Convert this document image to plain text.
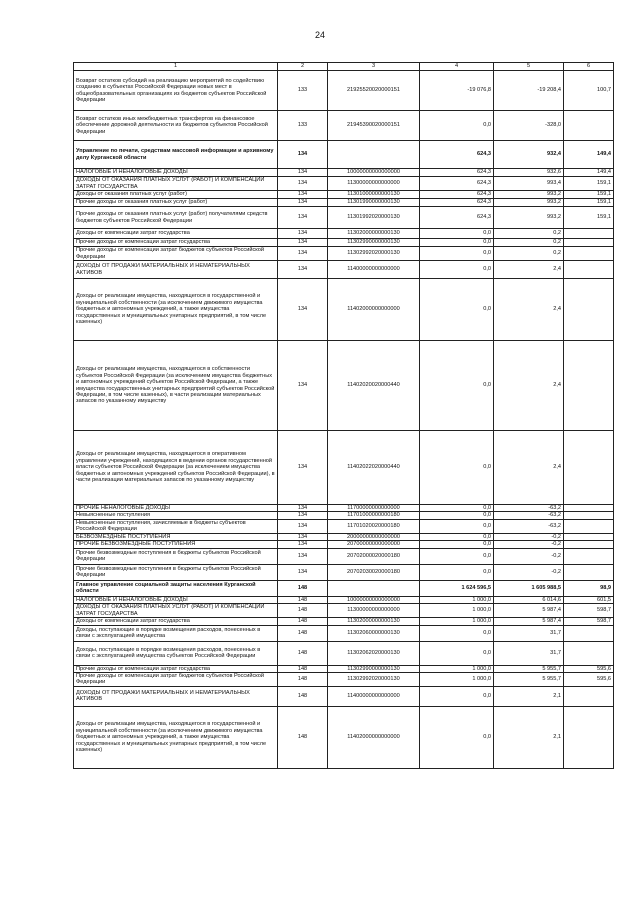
24
1	2	3	4	5	6
Возврат остатков субсидий на реализацию мероприятий по содействию созданию в субъектах Российской Федерации новых мест в общеобразовательных организациях из бюджетов субъектов Российской Федерации	133	21925520020000151	-19 076,8	-19 208,4	100,7
Возврат остатков иных межбюджетных трансфертов на финансовое обеспечение дорожной деятельности из бюджетов субъектов Российской Федерации	133	21945390020000151	0,0	-328,0	
Управление по печати, средствам массовой информации и архивному делу Курганской области	134		624,3	932,4	149,4
НАЛОГОВЫЕ И НЕНАЛОГОВЫЕ ДОХОДЫ	134	10000000000000000	624,3	932,6	149,4
ДОХОДЫ ОТ ОКАЗАНИЯ ПЛАТНЫХ УСЛУГ (РАБОТ) И КОМПЕНСАЦИИ ЗАТРАТ ГОСУДАРСТВА	134	11300000000000000	624,3	993,4	159,1
Доходы от оказания платных услуг (работ)	134	11301000000000130	624,3	993,2	159,1
Прочие доходы от оказания платных услуг (работ)	134	11301990000000130	624,3	993,2	159,1
Прочие доходы от оказания платных услуг (работ) получателями средств бюджетов субъектов Российской Федерации	134	11301992020000130	624,3	993,2	159,1
Доходы от компенсации затрат государства	134	11302000000000130	0,0	0,2	
Прочие доходы от компенсации затрат государства	134	11302990000000130	0,0	0,2	
Прочие доходы от компенсации затрат бюджетов субъектов Российской Федерации	134	11302992020000130	0,0	0,2	
ДОХОДЫ ОТ ПРОДАЖИ МАТЕРИАЛЬНЫХ И НЕМАТЕРИАЛЬНЫХ АКТИВОВ	134	11400000000000000	0,0	2,4	
Доходы от реализации имущества, находящегося в государственной и муниципальной собственности (за исключением движимого имущества бюджетных и автономных учреждений, а также имущества государственных и муниципальных унитарных предприятий, в том числе казенных)	134	11402000000000000	0,0	2,4	
Доходы от реализации имущества, находящегося в собственности субъектов Российской Федерации (за исключением имущества бюджетных и автономных учреждений субъектов Российской Федерации, а также имущества государственных унитарных предприятий субъектов Российской Федерации, в том числе казенных), в части реализации материальных запасов по указанному имуществу	134	11402020020000440	0,0	2,4	
Доходы от реализации имущества, находящегося в оперативном управлении учреждений, находящихся в ведении органов государственной власти субъектов Российской Федерации (за исключением имущества бюджетных и автономных учреждений субъектов Российской Федерации), в части реализации материальных запасов по указанному имуществу	134	11402022020000440	0,0	2,4	
ПРОЧИЕ НЕНАЛОГОВЫЕ ДОХОДЫ	134	11700000000000000	0,0	-63,2	
Невыясненные поступления	134	11701000000000180	0,0	-63,2	
Невыясненные поступления, зачисляемые в бюджеты субъектов Российской Федерации	134	11701020020000180	0,0	-63,2	
БЕЗВОЗМЕЗДНЫЕ ПОСТУПЛЕНИЯ	134	20000000000000000	0,0	-0,2	
ПРОЧИЕ БЕЗВОЗМЕЗДНЫЕ ПОСТУПЛЕНИЯ	134	20700000000000000	0,0	-0,2	
Прочие безвозмездные поступления в бюджеты субъектов Российской Федерации	134	20702000020000180	0,0	-0,2	
Прочие безвозмездные поступления в бюджеты субъектов Российской Федерации	134	20702030020000180	0,0	-0,2	
Главное управление социальной защиты населения Курганской области	148		1 624 596,5	1 605 988,5	98,9
НАЛОГОВЫЕ И НЕНАЛОГОВЫЕ ДОХОДЫ	148	10000000000000000	1 000,0	6 014,6	601,5
ДОХОДЫ ОТ ОКАЗАНИЯ ПЛАТНЫХ УСЛУГ (РАБОТ) И КОМПЕНСАЦИИ ЗАТРАТ ГОСУДАРСТВА	148	11300000000000000	1 000,0	5 987,4	598,7
Доходы от компенсации затрат государства	148	11302000000000130	1 000,0	5 987,4	598,7
Доходы, поступающие в порядке возмещения расходов, понесенных в связи с эксплуатацией имущества	148	11302060000000130	0,0	31,7	
Доходы, поступающие в порядке возмещения расходов, понесенных в связи с эксплуатацией имущества субъектов Российской Федерации	148	11302062020000130	0,0	31,7	
Прочие доходы от компенсации затрат государства	148	11302990000000130	1 000,0	5 955,7	595,6
Прочие доходы от компенсации затрат бюджетов субъектов Российской Федерации	148	11302992020000130	1 000,0	5 955,7	595,6
ДОХОДЫ ОТ ПРОДАЖИ МАТЕРИАЛЬНЫХ И НЕМАТЕРИАЛЬНЫХ АКТИВОВ	148	11400000000000000	0,0	2,1	
Доходы от реализации имущества, находящегося в государственной и муниципальной собственности (за исключением движимого имущества бюджетных и автономных учреждений, а также имущества государственных и муниципальных унитарных предприятий, в том числе казенных)	148	11402000000000000	0,0	2,1	
